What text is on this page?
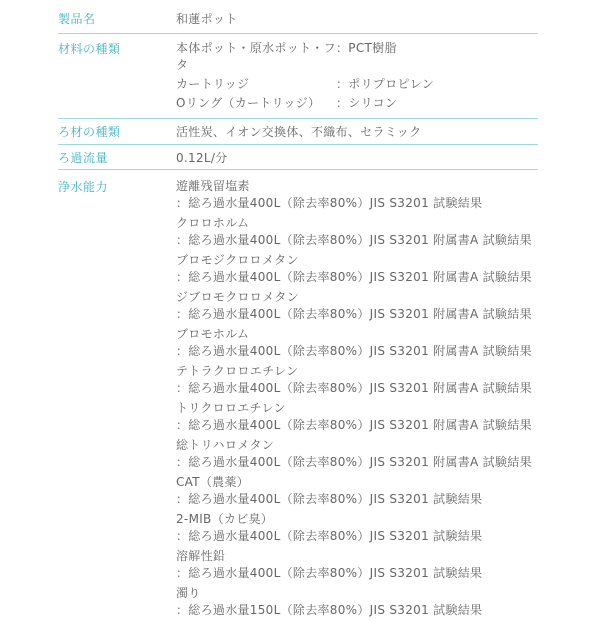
製品名	和蓮ポット
材料の種類	本体ポット・原水ポット・フタ
：PCT樹脂
カートリッジ	：ポリプロピレン
Oリング（カートリッジ）	：シリコン
ろ材の種類	活性炭、イオン交換体、不織布、セラミック
ろ過流量	0.12L/分
浄水能力	遊離残留塩素
：総ろ過水量400L（除去率80%）JIS S3201 試験結果
クロロホルム
：総ろ過水量400L（除去率80%）JIS S3201 附属書A 試験結果
ブロモジクロロメタン
：総ろ過水量400L（除去率80%）JIS S3201 附属書A 試験結果
ジブロモクロロメタン
：総ろ過水量400L（除去率80%）JIS S3201 附属書A 試験結果
ブロモホルム
：総ろ過水量400L（除去率80%）JIS S3201 附属書A 試験結果
テトラクロロエチレン
：総ろ過水量400L（除去率80%）JIS S3201 附属書A 試験結果
トリクロロエチレン
：総ろ過水量400L（除去率80%）JIS S3201 附属書A 試験結果
総トリハロメタン
：総ろ過水量400L（除去率80%）JIS S3201 附属書A 試験結果
CAT（農薬）
：総ろ過水量400L（除去率80%）JIS S3201 試験結果
2-MIB（カビ臭）
：総ろ過水量400L（除去率80%）JIS S3201 試験結果
溶解性鉛
：総ろ過水量400L（除去率80%）JIS S3201 試験結果
濁り
：総ろ過水量150L（除去率80%）JIS S3201 試験結果
